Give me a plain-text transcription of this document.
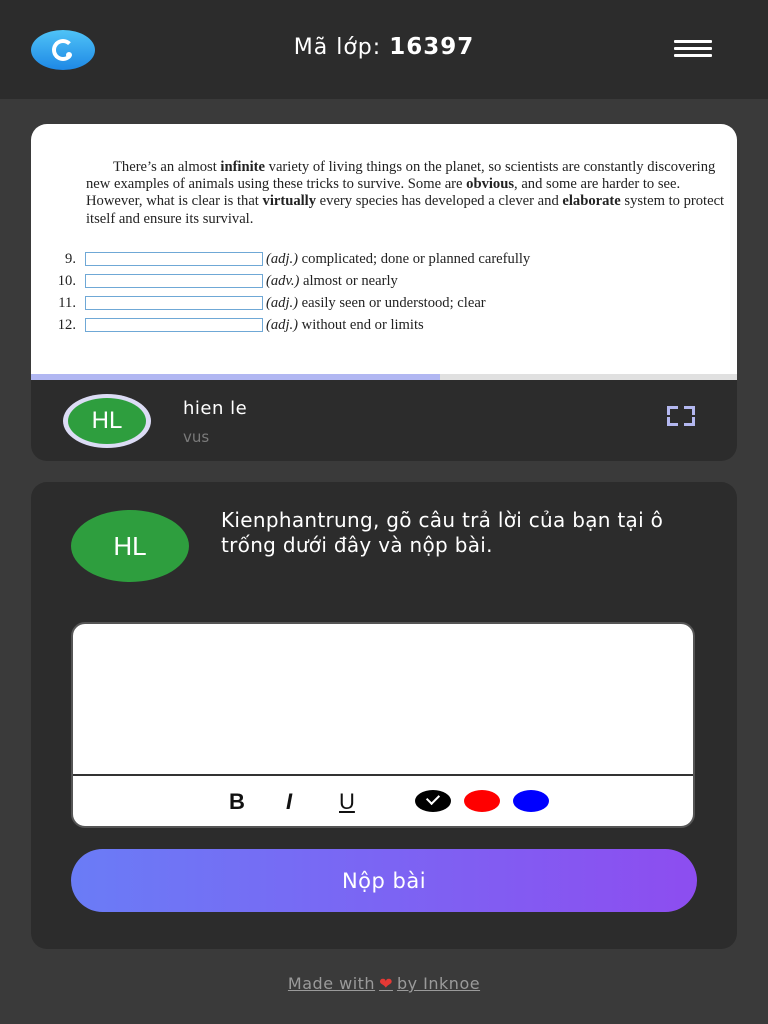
Mã lớp: 16397
There’s an almost infinite variety of living things on the planet, so scientists are constantly discovering new examples of animals using these tricks to survive. Some are obvious, and some are harder to see. However, what is clear is that virtually every species has developed a clever and elaborate system to protect itself and ensure its survival.
9.	(adj.) complicated; done or planned carefully
10.	(adv.) almost or nearly
11.	(adj.) easily seen or understood; clear
12.	(adj.) without end or limits
HL	hien le
vus
HL
Kienphantrung, gõ câu trả lời của bạn tại ô trống dưới đây và nộp bài.
B I U
Nộp bài
Made with ❤ by Inknoe
